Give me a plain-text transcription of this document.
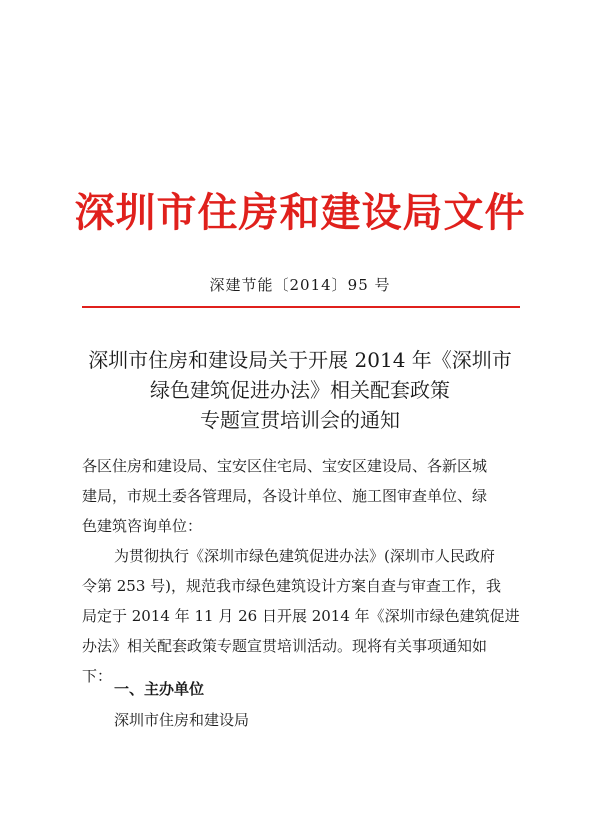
深圳市住房和建设局文件
深建节能〔2014〕95 号
深圳市住房和建设局关于开展 2014 年《深圳市
绿色建筑促进办法》相关配套政策
专题宣贯培训会的通知
各区住房和建设局、宝安区住宅局、宝安区建设局、各新区城
建局，市规土委各管理局，各设计单位、施工图审查单位、绿
色建筑咨询单位：
为贯彻执行《深圳市绿色建筑促进办法》(深圳市人民政府
令第 253 号)，规范我市绿色建筑设计方案自查与审查工作，我
局定于 2014 年 11 月 26 日开展 2014 年《深圳市绿色建筑促进
办法》相关配套政策专题宣贯培训活动。现将有关事项通知如
下：
一、主办单位
深圳市住房和建设局
